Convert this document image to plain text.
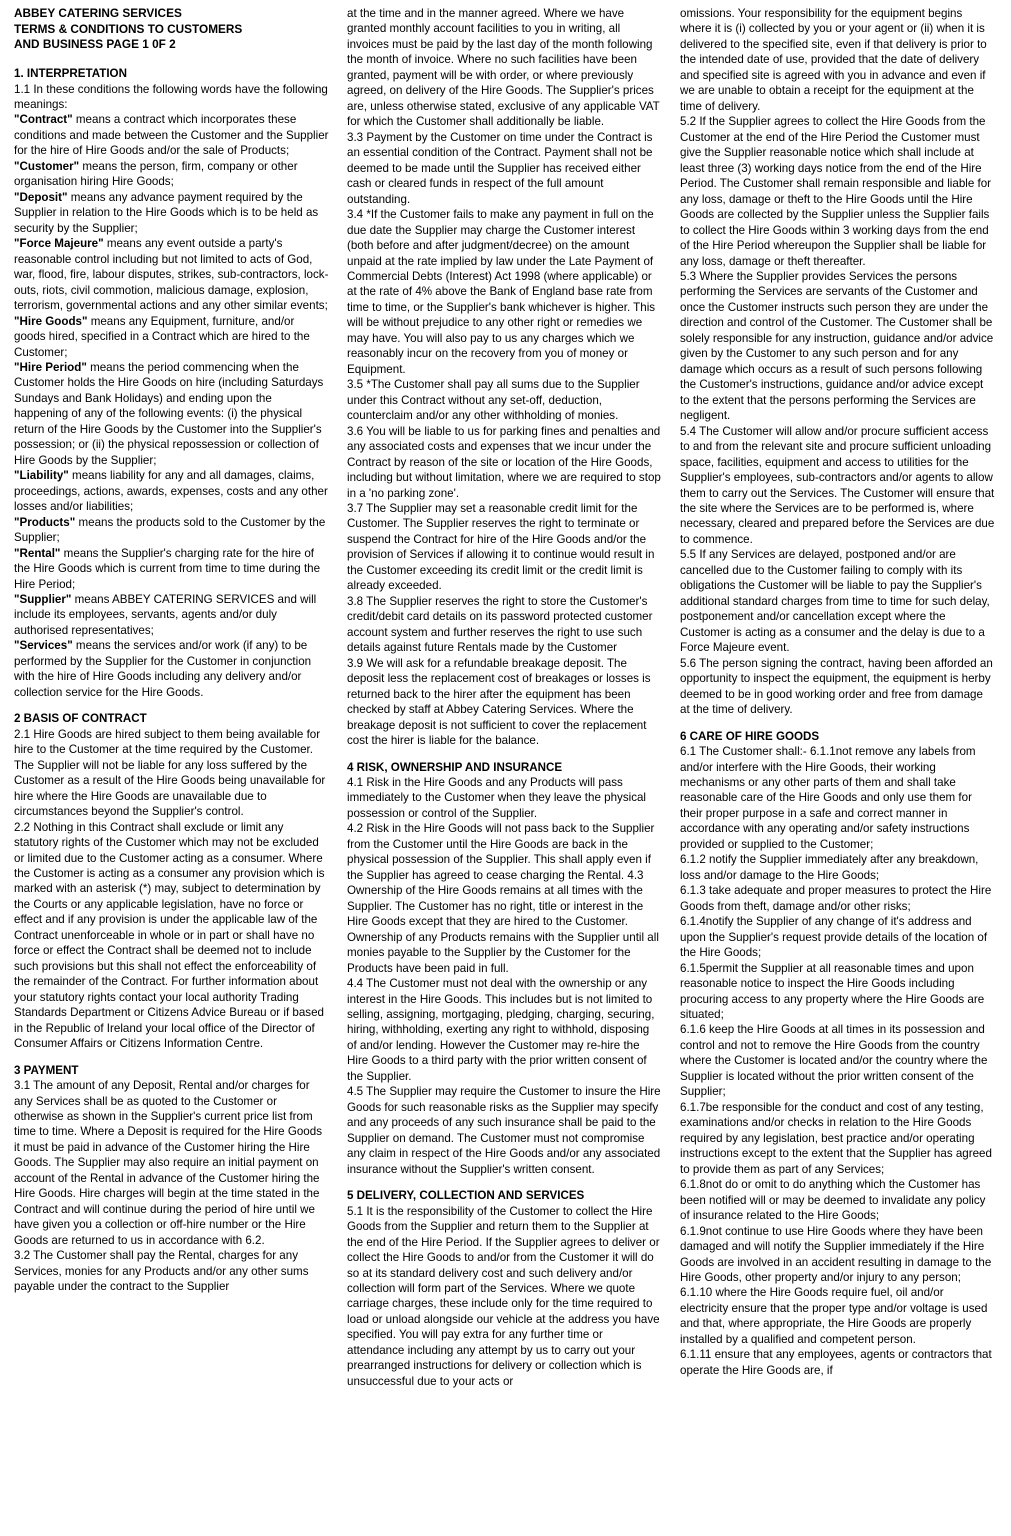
ABBEY CATERING SERVICES
TERMS & CONDITIONS TO CUSTOMERS
AND BUSINESS PAGE 1 0F 2

1. INTERPRETATION

1.1 In these conditions the following words have the following meanings:

"Contract" means a contract which incorporates these conditions and made between the Customer and the Supplier for the hire of Hire Goods and/or the sale of Products;

"Customer" means the person, firm, company or other organisation hiring Hire Goods;

"Deposit" means any advance payment required by the Supplier in relation to the Hire Goods which is to be held as security by the Supplier;

"Force Majeure" means any event outside a party's reasonable control including but not limited to acts of God, war, flood, fire, labour disputes, strikes, sub-contractors, lock-outs, riots, civil commotion, malicious damage, explosion, terrorism, governmental actions and any other similar events;

"Hire Goods" means any Equipment, furniture, and/or goods hired, specified in a Contract which are hired to the Customer;

"Hire Period" means the period commencing when the Customer holds the Hire Goods on hire (including Saturdays Sundays and Bank Holidays) and ending upon the happening of any of the following events: (i) the physical return of the Hire Goods by the Customer into the Supplier's possession; or (ii) the physical repossession or collection of Hire Goods by the Supplier;

"Liability" means liability for any and all damages, claims, proceedings, actions, awards, expenses, costs and any other losses and/or liabilities;

"Products" means the products sold to the Customer by the Supplier;

"Rental" means the Supplier's charging rate for the hire of the Hire Goods which is current from time to time during the Hire Period;

"Supplier" means ABBEY CATERING SERVICES and will include its employees, servants, agents and/or duly authorised representatives;

"Services" means the services and/or work (if any) to be performed by the Supplier for the Customer in conjunction with the hire of Hire Goods including any delivery and/or collection service for the Hire Goods.

2 BASIS OF CONTRACT

2.1 Hire Goods are hired subject to them being available for hire to the Customer at the time required by the Customer. The Supplier will not be liable for any loss suffered by the Customer as a result of the Hire Goods being unavailable for hire where the Hire Goods are unavailable due to circumstances beyond the Supplier's control.

2.2 Nothing in this Contract shall exclude or limit any statutory rights of the Customer which may not be excluded or limited due to the Customer acting as a consumer. Where the Customer is acting as a consumer any provision which is marked with an asterisk (*) may, subject to determination by the Courts or any applicable legislation, have no force or effect and if any provision is under the applicable law of the Contract unenforceable in whole or in part or shall have no force or effect the Contract shall be deemed not to include such provisions but this shall not effect the enforceability of the remainder of the Contract. For further information about your statutory rights contact your local authority Trading Standards Department or Citizens Advice Bureau or if based in the Republic of Ireland your local office of the Director of Consumer Affairs or Citizens Information Centre.

3 PAYMENT

3.1 The amount of any Deposit, Rental and/or charges for any Services shall be as quoted to the Customer or otherwise as shown in the Supplier's current price list from time to time. Where a Deposit is required for the Hire Goods it must be paid in advance of the Customer hiring the Hire Goods. The Supplier may also require an initial payment on account of the Rental in advance of the Customer hiring the Hire Goods. Hire charges will begin at the time stated in the Contract and will continue during the period of hire until we have given you a collection or off-hire number or the Hire Goods are returned to us in accordance with 6.2.

3.2 The Customer shall pay the Rental, charges for any Services, monies for any Products and/or any other sums payable under the contract to the Supplier

at the time and in the manner agreed. Where we have granted monthly account facilities to you in writing, all invoices must be paid by the last day of the month following the month of invoice. Where no such facilities have been granted, payment will be with order, or where previously agreed, on delivery of the Hire Goods. The Supplier's prices are, unless otherwise stated, exclusive of any applicable VAT for which the Customer shall additionally be liable.

3.3 Payment by the Customer on time under the Contract is an essential condition of the Contract. Payment shall not be deemed to be made until the Supplier has received either cash or cleared funds in respect of the full amount outstanding.

3.4 *If the Customer fails to make any payment in full on the due date the Supplier may charge the Customer interest (both before and after judgment/decree) on the amount unpaid at the rate implied by law under the Late Payment of Commercial Debts (Interest) Act 1998 (where applicable) or at the rate of 4% above the Bank of England base rate from time to time, or the Supplier's bank whichever is higher. This will be without prejudice to any other right or remedies we may have. You will also pay to us any charges which we reasonably incur on the recovery from you of money or Equipment.

3.5 *The Customer shall pay all sums due to the Supplier under this Contract without any set-off, deduction, counterclaim and/or any other withholding of monies.

3.6 You will be liable to us for parking fines and penalties and any associated costs and expenses that we incur under the Contract by reason of the site or location of the Hire Goods, including but without limitation, where we are required to stop in a 'no parking zone'.

3.7 The Supplier may set a reasonable credit limit for the Customer. The Supplier reserves the right to terminate or suspend the Contract for hire of the Hire Goods and/or the provision of Services if allowing it to continue would result in the Customer exceeding its credit limit or the credit limit is already exceeded.

3.8 The Supplier reserves the right to store the Customer's credit/debit card details on its password protected customer account system and further reserves the right to use such details against future Rentals made by the Customer

3.9 We will ask for a refundable breakage deposit. The deposit less the replacement cost of breakages or losses is returned back to the hirer after the equipment has been checked by staff at Abbey Catering Services. Where the breakage deposit is not sufficient to cover the replacement cost the hirer is liable for the balance.

4 RISK, OWNERSHIP AND INSURANCE

4.1 Risk in the Hire Goods and any Products will pass immediately to the Customer when they leave the physical possession or control of the Supplier.

4.2 Risk in the Hire Goods will not pass back to the Supplier from the Customer until the Hire Goods are back in the physical possession of the Supplier. This shall apply even if the Supplier has agreed to cease charging the Rental. 4.3 Ownership of the Hire Goods remains at all times with the Supplier. The Customer has no right, title or interest in the Hire Goods except that they are hired to the Customer. Ownership of any Products remains with the Supplier until all monies payable to the Supplier by the Customer for the Products have been paid in full.

4.4 The Customer must not deal with the ownership or any interest in the Hire Goods. This includes but is not limited to selling, assigning, mortgaging, pledging, charging, securing, hiring, withholding, exerting any right to withhold, disposing of and/or lending. However the Customer may re-hire the Hire Goods to a third party with the prior written consent of the Supplier.

4.5 The Supplier may require the Customer to insure the Hire Goods for such reasonable risks as the Supplier may specify and any proceeds of any such insurance shall be paid to the Supplier on demand. The Customer must not compromise any claim in respect of the Hire Goods and/or any associated insurance without the Supplier's written consent.

5 DELIVERY, COLLECTION AND SERVICES

5.1 It is the responsibility of the Customer to collect the Hire Goods from the Supplier and return them to the Supplier at the end of the Hire Period. If the Supplier agrees to deliver or collect the Hire Goods to and/or from the Customer it will do so at its standard delivery cost and such delivery and/or collection will form part of the Services. Where we quote carriage charges, these include only for the time required to load or unload alongside our vehicle at the address you have specified. You will pay extra for any further time or attendance including any attempt by us to carry out your prearranged instructions for delivery or collection which is unsuccessful due to your acts or

omissions. Your responsibility for the equipment begins where it is (i) collected by you or your agent or (ii) when it is delivered to the specified site, even if that delivery is prior to the intended date of use, provided that the date of delivery and specified site is agreed with you in advance and even if we are unable to obtain a receipt for the equipment at the time of delivery.

5.2 If the Supplier agrees to collect the Hire Goods from the Customer at the end of the Hire Period the Customer must give the Supplier reasonable notice which shall include at least three (3) working days notice from the end of the Hire Period. The Customer shall remain responsible and liable for any loss, damage or theft to the Hire Goods until the Hire Goods are collected by the Supplier unless the Supplier fails to collect the Hire Goods within 3 working days from the end of the Hire Period whereupon the Supplier shall be liable for any loss, damage or theft thereafter.

5.3 Where the Supplier provides Services the persons performing the Services are servants of the Customer and once the Customer instructs such person they are under the direction and control of the Customer. The Customer shall be solely responsible for any instruction, guidance and/or advice given by the Customer to any such person and for any damage which occurs as a result of such persons following the Customer's instructions, guidance and/or advice except to the extent that the persons performing the Services are negligent.

5.4 The Customer will allow and/or procure sufficient access to and from the relevant site and procure sufficient unloading space, facilities, equipment and access to utilities for the Supplier's employees, sub-contractors and/or agents to allow them to carry out the Services. The Customer will ensure that the site where the Services are to be performed is, where necessary, cleared and prepared before the Services are due to commence.

5.5 If any Services are delayed, postponed and/or are cancelled due to the Customer failing to comply with its obligations the Customer will be liable to pay the Supplier's additional standard charges from time to time for such delay, postponement and/or cancellation except where the Customer is acting as a consumer and the delay is due to a Force Majeure event.

5.6 The person signing the contract, having been afforded an opportunity to inspect the equipment, the equipment is herby deemed to be in good working order and free from damage at the time of delivery.

6 CARE OF HIRE GOODS

6.1 The Customer shall:- 6.1.1not remove any labels from and/or interfere with the Hire Goods, their working mechanisms or any other parts of them and shall take reasonable care of the Hire Goods and only use them for their proper purpose in a safe and correct manner in accordance with any operating and/or safety instructions provided or supplied to the Customer;

6.1.2 notify the Supplier immediately after any breakdown, loss and/or damage to the Hire Goods;

6.1.3 take adequate and proper measures to protect the Hire Goods from theft, damage and/or other risks;

6.1.4notify the Supplier of any change of it's address and upon the Supplier's request provide details of the location of the Hire Goods;

6.1.5permit the Supplier at all reasonable times and upon reasonable notice to inspect the Hire Goods including procuring access to any property where the Hire Goods are situated;

6.1.6 keep the Hire Goods at all times in its possession and control and not to remove the Hire Goods from the country where the Customer is located and/or the country where the Supplier is located without the prior written consent of the Supplier;

6.1.7be responsible for the conduct and cost of any testing, examinations and/or checks in relation to the Hire Goods required by any legislation, best practice and/or operating instructions except to the extent that the Supplier has agreed to provide them as part of any Services;

6.1.8not do or omit to do anything which the Customer has been notified will or may be deemed to invalidate any policy of insurance related to the Hire Goods;

6.1.9not continue to use Hire Goods where they have been damaged and will notify the Supplier immediately if the Hire Goods are involved in an accident resulting in damage to the Hire Goods, other property and/or injury to any person; 6.1.10 where the Hire Goods require fuel, oil and/or electricity ensure that the proper type and/or voltage is used and that, where appropriate, the Hire Goods are properly installed by a qualified and competent person.

6.1.11 ensure that any employees, agents or contractors that operate the Hire Goods are, if
